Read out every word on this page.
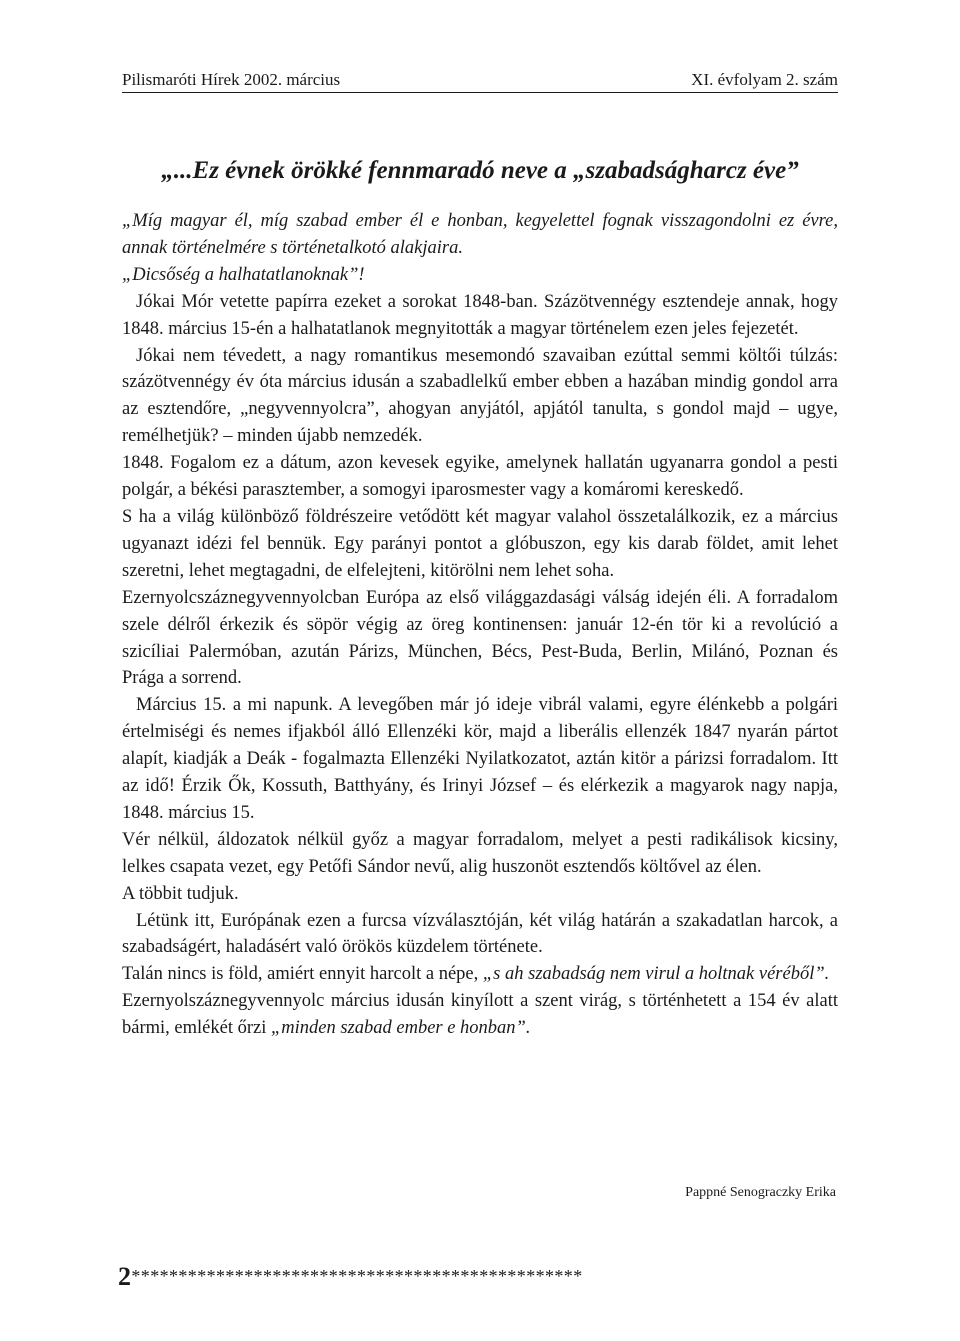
Pilismaróti Hírek 2002. március	XI. évfolyam 2. szám
„...Ez évnek örökké fennmaradó neve a „szabadságharcz éve”

„Míg magyar él, míg szabad ember él e honban, kegyelettel fognak visszagondolni ez évre, annak történelmére s történetalkotó alakjaira.

„Dicsőség a halhatatlanoknak”!

Jókai Mór vetette papírra ezeket a sorokat 1848-ban. Százötvennégy esztendeje annak, hogy 1848. március 15-én a halhatatlanok megnyitották a magyar történelem ezen jeles fejezetét.

Jókai nem tévedett, a nagy romantikus mesemondó szavaiban ezúttal semmi költői túlzás: százötvennégy év óta március idusán a szabadlelkű ember ebben a hazában mindig gondol arra az esztendőre, „negyvennyolcra”, ahogyan anyjától, apjától tanulta, s gondol majd – ugye, remélhetjük? – minden újabb nemzedék.

1848. Fogalom ez a dátum, azon kevesek egyike, amelynek hallatán ugyanarra gondol a pesti polgár, a békési parasztember, a somogyi iparosmester vagy a komáromi kereskedő.

S ha a világ különböző földrészeire vetődött két magyar valahol összetalálkozik, ez a március ugyanazt idézi fel bennük. Egy parányi pontot a glóbuszon, egy kis darab földet, amit lehet szeretni, lehet megtagadni, de elfelejteni, kitörölni nem lehet soha.

Ezernyolcszáznegyvennyolcban Európa az első világgazdasági válság idején éli. A forradalom szele délről érkezik és söpör végig az öreg kontinensen: január 12-én tör ki a revolúció a szicíliai Palermóban, azután Párizs, München, Bécs, Pest-Buda, Berlin, Milánó, Poznan és Prága a sorrend.

Március 15. a mi napunk. A levegőben már jó ideje vibrál valami, egyre élénkebb a polgári értelmiségi és nemes ifjakból álló Ellenzéki kör, majd a liberális ellenzék 1847 nyarán pártot alapít, kiadják a Deák - fogalmazta Ellenzéki Nyilatkozatot, aztán kitör a párizsi forradalom. Itt az idő! Érzik Ők, Kossuth, Batthyány, és Irinyi József – és elérkezik a magyarok nagy napja, 1848. március 15.

Vér nélkül, áldozatok nélkül győz a magyar forradalom, melyet a pesti radikálisok kicsiny, lelkes csapata vezet, egy Petőfi Sándor nevű, alig huszonöt esztendős költővel az élen.

A többit tudjuk.

Létünk itt, Európának ezen a furcsa vízválasztóján, két világ határán a szakadatlan harcok, a szabadságért, haladásért való örökös küzdelem története.

Talán nincs is föld, amiért ennyit harcolt a népe, „s ah szabadság nem virul a holtnak véréből”.

Ezernyolszáznegyvennyolc március idusán kinyílott a szent virág, s történhetett a 154 év alatt bármi, emlékét őrzi „minden szabad ember e honban”.

Pappné Senograczky Erika
2************************************************
